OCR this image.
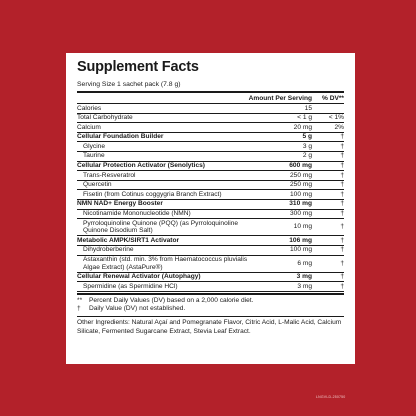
Supplement Facts
Serving Size 1 sachet pack (7.8 g)
Amount Per Serving	% DV**
Calories	15
Total Carbohydrate	< 1 g	< 1%
Calcium	20 mg	2%
Cellular Foundation Builder	5 g	†
Glycine	3 g	†
Taurine	2 g	†
Cellular Protection Activator (Senolytics)	600 mg	†
Trans-Resveratrol	250 mg	†
Quercetin	250 mg	†
Fisetin (from Cotinus coggygria Branch Extract)	100 mg	†
NMN NAD+ Energy Booster	310 mg	†
Nicotinamide Mononucleotide (NMN)	300 mg	†
Pyrroloquinoline Quinone (PQQ) (as Pyrroloquinoline Quinone Disodium Salt)
10 mg	†
Metabolic AMPK/SIRT1 Activator	106 mg	†
Dihydroberberine	100 mg	†
Astaxanthin (std. min. 3% from Haematococcus pluvialis Algae Extract) (AstaPure®)
6 mg	†
Cellular Renewal Activator (Autophagy)	3 mg	†
Spermidine (as Spermidine HCl)	3 mg	†
**	Percent Daily Values (DV) based on a 2,000 calorie diet.
†	Daily Value (DV) not established.
Other Ingredients: Natural Açaí and Pomegranate Flavor, Citric Acid, L-Malic Acid, Calcium Silicate, Fermented Sugarcane Extract, Stevia Leaf Extract.
LNGVLD-250750
